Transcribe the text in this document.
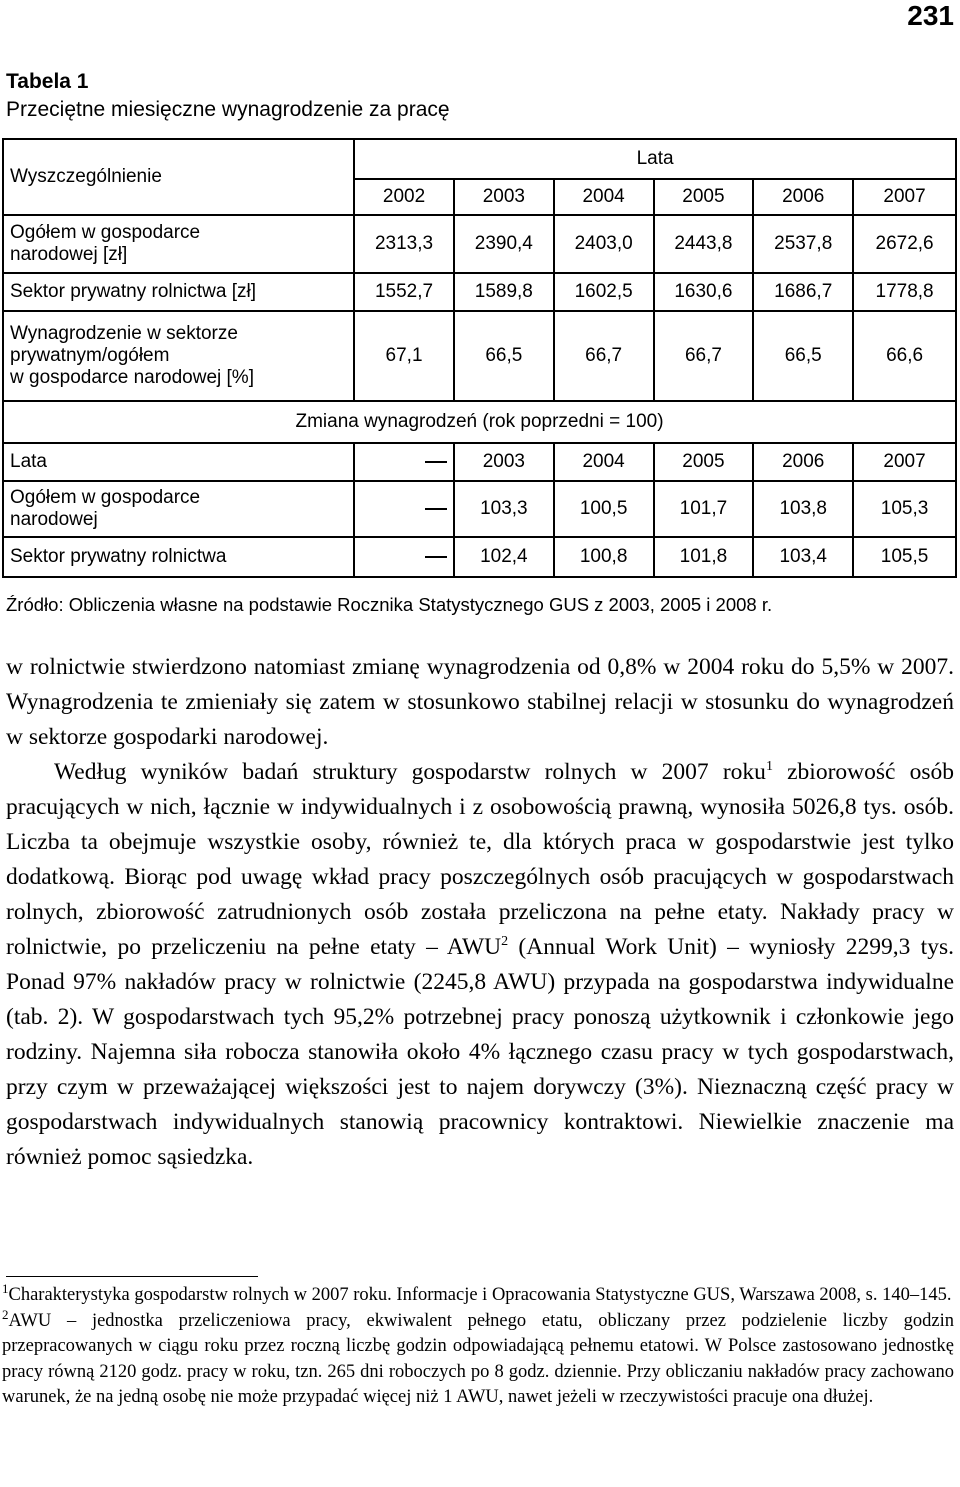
231
Tabela 1
Przeciętne miesięczne wynagrodzenie za pracę
Wyszczególnienie	Lata					
	2002	2003	2004	2005	2006	2007

Ogółem w gospodarce
narodowej [zł]	2313,3	2390,4	2403,0	2443,8	2537,8	2672,6
Sektor prywatny rolnictwa [zł]	1552,7	1589,8	1602,5	1630,6	1686,7	1778,8

Wynagrodzenie w sektorze
prywatnym/ogółem
w gospodarce narodowej [%]	67,1	66,5	66,7	66,7	66,5	66,6
Zmiana wynagrodzeń (rok poprzedni = 100)						
Lata		2003	2004	2005	2006	2007

Ogółem w gospodarce
narodowej		103,3	100,5	101,7	103,8	105,3
Sektor prywatny rolnictwa		102,4	100,8	101,8	103,4	105,5
Źródło: Obliczenia własne na podstawie Rocznika Statystycznego GUS z 2003, 2005 i 2008 r.

w rolnictwie stwierdzono natomiast zmianę wynagrodzenia od 0,8% w 2004 roku do 5,5% w 2007. Wynagrodzenia te zmieniały się zatem w stosunkowo stabilnej relacji w stosunku do wynagrodzeń w sektorze gospodarki narodowej.

Według wyników badań struktury gospodarstw rolnych w 2007 roku$^1$ zbiorowość osób pracujących w nich, łącznie w indywidualnych i z osobowością prawną, wynosiła 5026,8 tys. osób. Liczba ta obejmuje wszystkie osoby, również te, dla których praca w gospodarstwie jest tylko dodatkową. Biorąc pod uwagę wkład pracy poszczególnych osób pracujących w gospodarstwach rolnych, zbiorowość zatrudnionych osób została przeliczona na pełne etaty. Nakłady pracy w rolnictwie, po przeliczeniu na pełne etaty – AWU$^2$ (Annual Work Unit) – wyniosły 2299,3 tys. Ponad 97% nakładów pracy w rolnictwie (2245,8 AWU) przypada na gospodarstwa indywidualne (tab. 2). W gospodarstwach tych 95,2% potrzebnej pracy ponoszą użytkownik i członkowie jego rodziny. Najemna siła robocza stanowiła około 4% łącznego czasu pracy w tych gospodarstwach, przy czym w przeważającej większości jest to najem dorywczy (3%). Nieznaczną część pracy w gospodarstwach indywidualnych stanowią pracownicy kontraktowi. Niewielkie znaczenie ma również pomoc sąsiedzka.

$^1$Charakterystyka gospodarstw rolnych w 2007 roku. Informacje i Opracowania Statystyczne GUS, Warszawa 2008, s. 140–145.

$^2$AWU – jednostka przeliczeniowa pracy, ekwiwalent pełnego etatu, obliczany przez podzielenie liczby godzin przepracowanych w ciągu roku przez roczną liczbę godzin odpowiadającą pełnemu etatowi. W Polsce zastosowano jednostkę pracy równą 2120 godz. pracy w roku, tzn. 265 dni roboczych po 8 godz. dziennie. Przy obliczaniu nakładów pracy zachowano warunek, że na jedną osobę nie może przypadać więcej niż 1 AWU, nawet jeżeli w rzeczywistości pracuje ona dłużej.
